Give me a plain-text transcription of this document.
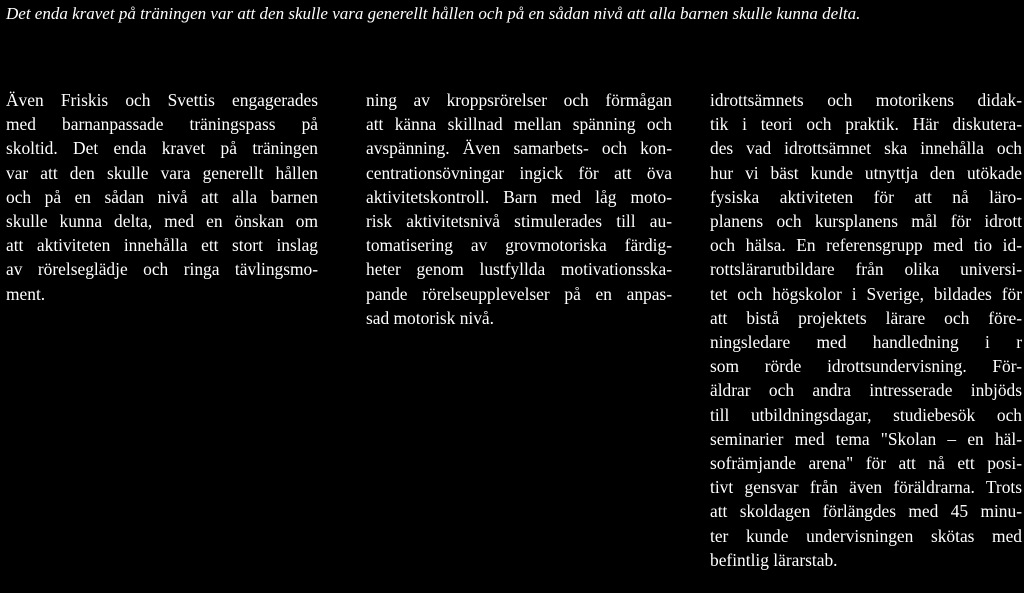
Det enda kravet på träningen var att den skulle vara generellt hållen och på en sådan nivå att alla barnen skulle kunna delta.
Även Friskis och Svettis engagerades
med barnanpassade träningspass på
skoltid. Det enda kravet på träningen
var att den skulle vara generellt hållen
och på en sådan nivå att alla barnen
skulle kunna delta, med en önskan om
att aktiviteten innehålla ett stort inslag
av rörelseglädje och ringa tävlingsmo-
ment.
ning av kroppsrörelser och förmågan
att känna skillnad mellan spänning och
avspänning. Även samarbets- och kon-
centrationsövningar ingick för att öva
aktivitetskontroll. Barn med låg moto-
risk aktivitetsnivå stimulerades till au-
tomatisering av grovmotoriska färdig-
heter genom lustfyllda motivationsska-
pande rörelseupplevelser på en anpas-
sad motorisk nivå.
idrottsämnets och motorikens didak-
tik i teori och praktik. Här diskutera-
des vad idrottsämnet ska innehålla och
hur vi bäst kunde utnyttja den utökade
fysiska aktiviteten för att nå läro-
planens och kursplanens mål för idrott
och hälsa. En referensgrupp med tio id-
rottslärarutbildare från olika universi-
tet och högskolor i Sverige, bildades för
att bistå projektets lärare och före-
ningsledare med handledning i r
som rörde idrottsundervisning. För-
äldrar och andra intresserade inbjöds
till utbildningsdagar, studiebesök och
seminarier med tema "Skolan – en häl-
sofrämjande arena" för att nå ett posi-
tivt gensvar från även föräldrarna. Trots
att skoldagen förlängdes med 45 minu-
ter kunde undervisningen skötas med
befintlig lärarstab.
